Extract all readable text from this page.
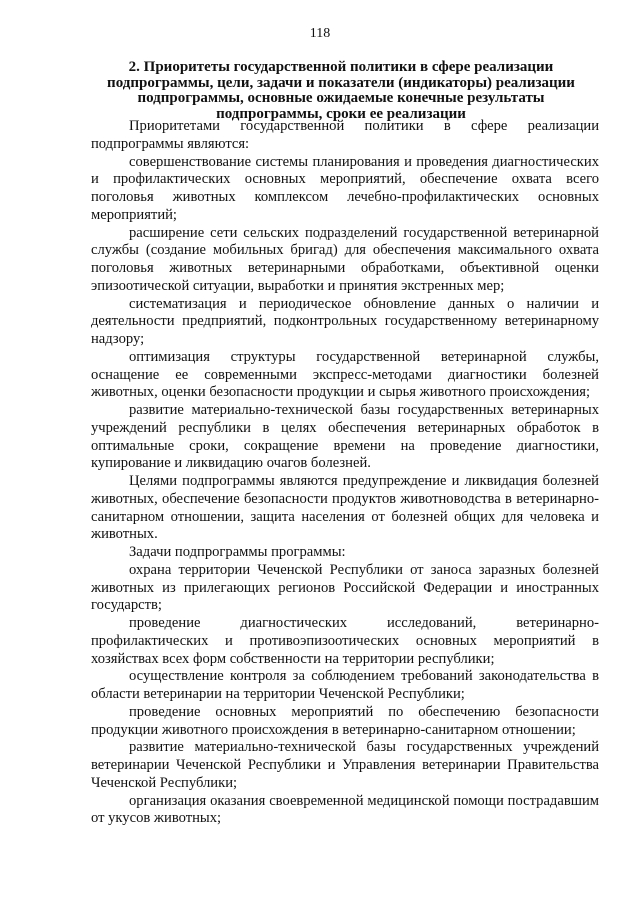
118
2. Приоритеты государственной политики в сфере реализации
подпрограммы, цели, задачи и показатели (индикаторы) реализации
подпрограммы, основные ожидаемые конечные результаты
подпрограммы, сроки ее реализации

Приоритетами государственной политики в сфере реализации подпрограммы являются:

совершенствование системы планирования и проведения диагностических и профилактических основных мероприятий, обеспечение охвата всего поголовья животных комплексом лечебно-профилактических основных мероприятий;

расширение сети сельских подразделений государственной ветеринарной службы (создание мобильных бригад) для обеспечения максимального охвата поголовья животных ветеринарными обработками, объективной оценки эпизоотической ситуации, выработки и принятия экстренных мер;

систематизация и периодическое обновление данных о наличии и деятельности предприятий, подконтрольных государственному ветеринарному надзору;

оптимизация структуры государственной ветеринарной службы, оснащение ее современными экспресс-методами диагностики болезней животных, оценки безопасности продукции и сырья животного происхождения;

развитие материально-технической базы государственных ветеринарных учреждений республики в целях обеспечения ветеринарных обработок в оптимальные сроки, сокращение времени на проведение диагностики, купирование и ликвидацию очагов болезней.

Целями подпрограммы являются предупреждение и ликвидация болезней животных, обеспечение безопасности продуктов животноводства в ветеринарно-санитарном отношении, защита населения от болезней общих для человека и животных.

Задачи подпрограммы программы:

охрана территории Чеченской Республики от заноса заразных болезней животных из прилегающих регионов Российской Федерации и иностранных государств;

проведение диагностических исследований, ветеринарно-профилактических и противоэпизоотических основных мероприятий в хозяйствах всех форм собственности на территории республики;

осуществление контроля за соблюдением требований законодательства в области ветеринарии на территории Чеченской Республики;

проведение основных мероприятий по обеспечению безопасности продукции животного происхождения в ветеринарно-санитарном отношении;

развитие материально-технической базы государственных учреждений ветеринарии Чеченской Республики и Управления ветеринарии Правительства Чеченской Республики;

организация оказания своевременной медицинской помощи пострадавшим от укусов животных;
